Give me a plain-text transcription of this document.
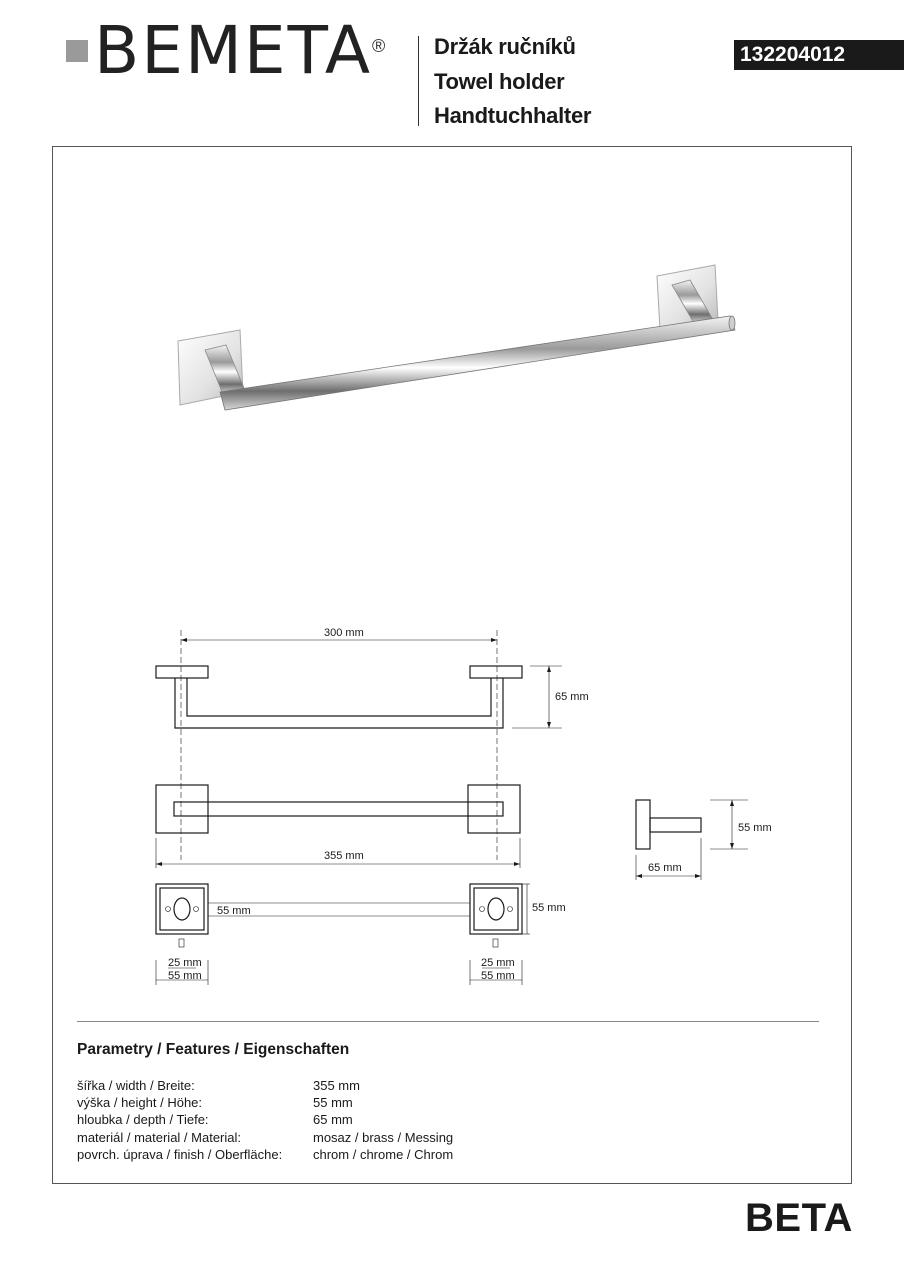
BEMETA ® Držák ručníků
Towel holder
Handtuchhalter
132204012
300 mm
65 mm
355 mm
55 mm
65 mm
55 mm	55 mm
25 mm
55 mm
25 mm
55 mm
Parametry / Features / Eigenschaften
šířka / width / Breite:	355 mm
výška / height / Höhe:	55 mm
hloubka / depth / Tiefe:	65 mm
materiál / material / Material:	mosaz / brass / Messing
povrch. úprava / finish / Oberfläche: chrom / chrome / Chrom
BETA
